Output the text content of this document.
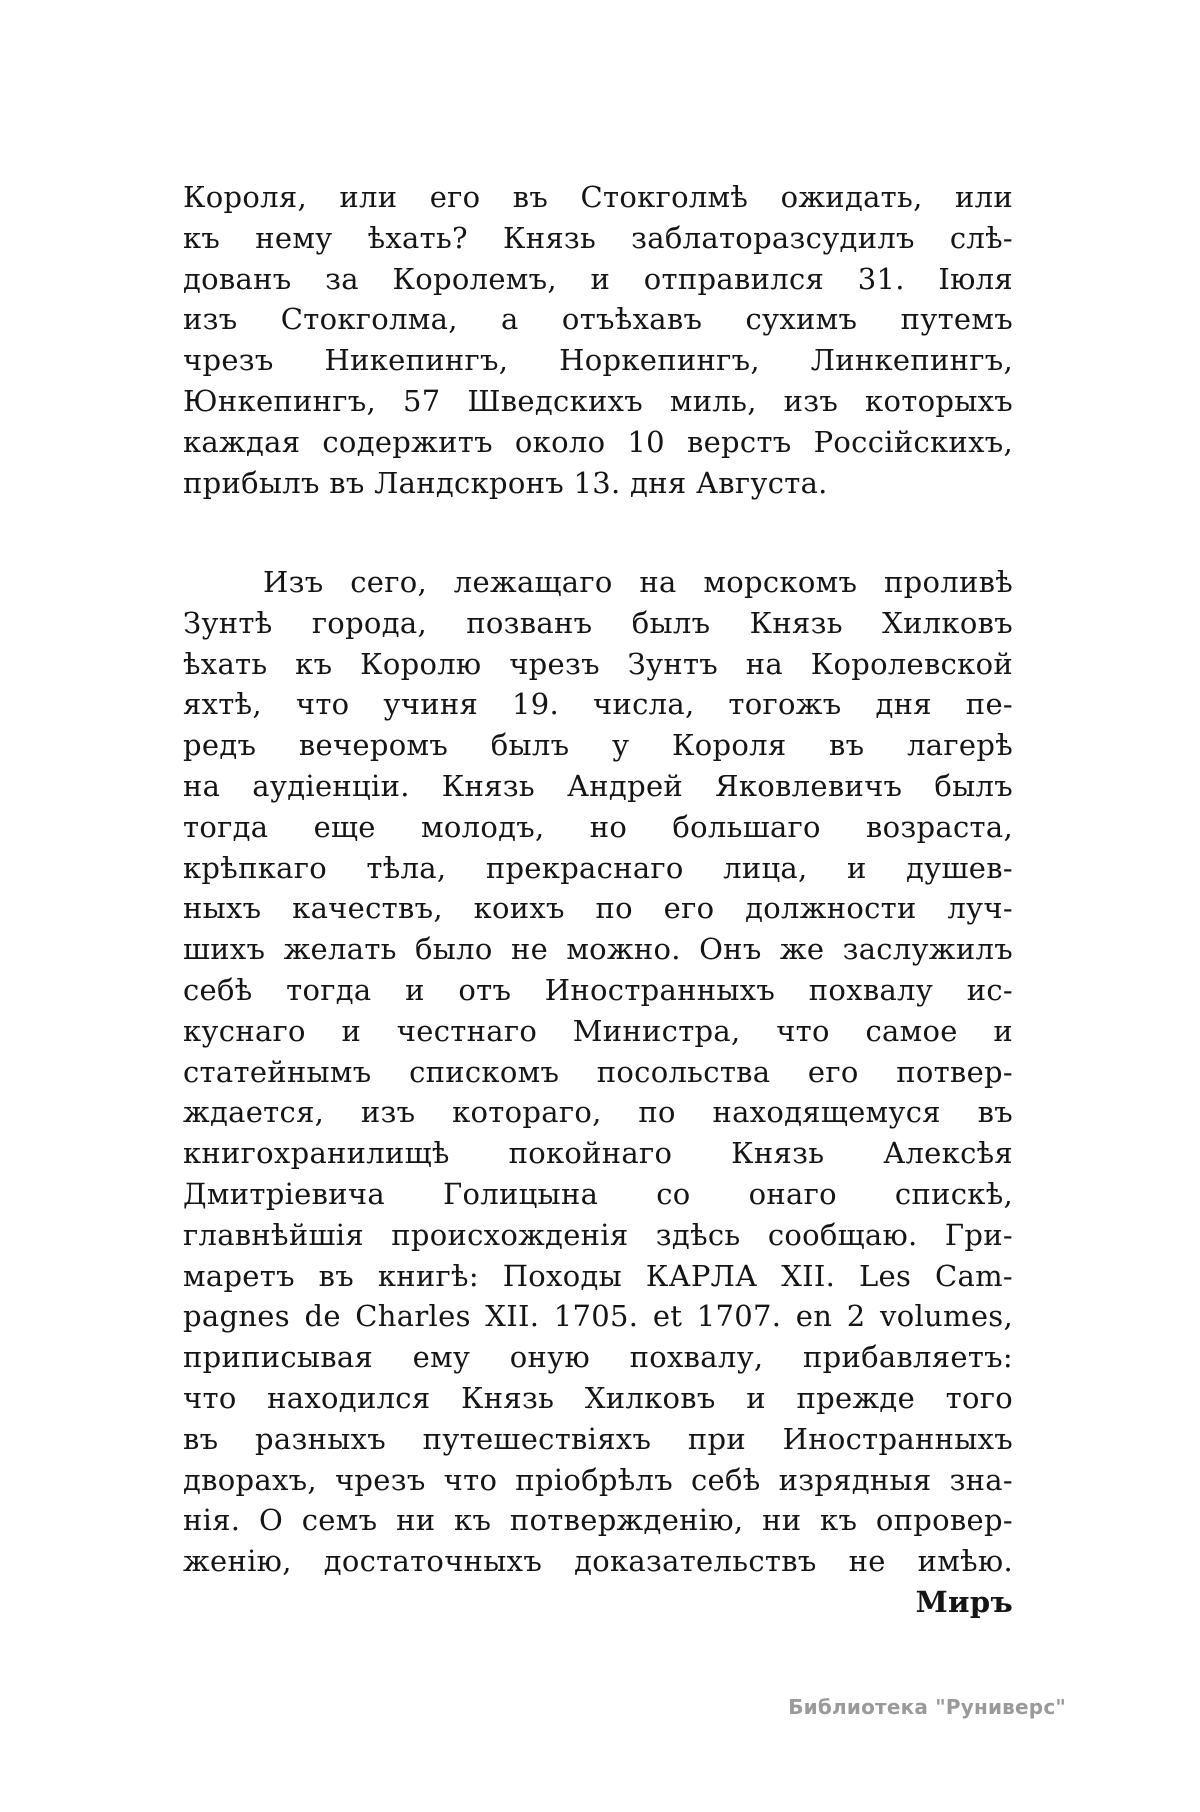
Короля, или его въ Стокголмѣ ожидать, или
къ нему ѣхать? Князь заблаторазсудилъ слѣ-
дованъ за Королемъ, и отправился 31. Іюля
изъ Стокголма, а отъѣхавъ сухимъ путемъ
чрезъ Никепингъ, Норкепингъ, Линкепингъ,
Юнкепингъ, 57 Шведскихъ миль, изъ которыхъ
каждая содержитъ около 10 верстъ Россійскихъ,
прибылъ въ Ландскронъ 13. дня Августа.
Изъ сего, лежащаго на морскомъ проливѣ
Зунтѣ города, позванъ былъ Князь Хилковъ
ѣхать къ Королю чрезъ Зунтъ на Королевской
яхтѣ, что учиня 19. числа, тогожъ дня пе-
редъ вечеромъ былъ у Короля въ лагерѣ
на аудіенціи. Князь Андрей Яковлевичъ былъ
тогда еще молодъ, но большаго возраста,
крѣпкаго тѣла, прекраснаго лица, и душев-
ныхъ качествъ, коихъ по его должности луч-
шихъ желать было не можно. Онъ же заслужилъ
себѣ тогда и отъ Иностранныхъ похвалу ис-
куснаго и честнаго Министра, что самое и
статейнымъ спискомъ посольства его потвер-
ждается, изъ котораго, по находящемуся въ
книгохранилищѣ покойнаго Князь Алексѣя
Дмитріевича Голицына со онаго спискѣ,
главнѣйшія происхожденія здѣсь сообщаю. Гри-
маретъ въ книгѣ: Походы КАРЛА XII. Les Cam-
pagnes de Charles XII. 1705. et 1707. en 2 volumes,
приписывая ему оную похвалу, прибавляетъ:
что находился Князь Хилковъ и прежде того
въ разныхъ путешествіяхъ при Иностранныхъ
дворахъ, чрезъ что пріобрѣлъ себѣ изрядныя зна-
нія. О семъ ни къ потвержденію, ни къ опровер-
женію, достаточныхъ доказательствъ не имѣю.
Миръ
Библиотека "Руниверс"
